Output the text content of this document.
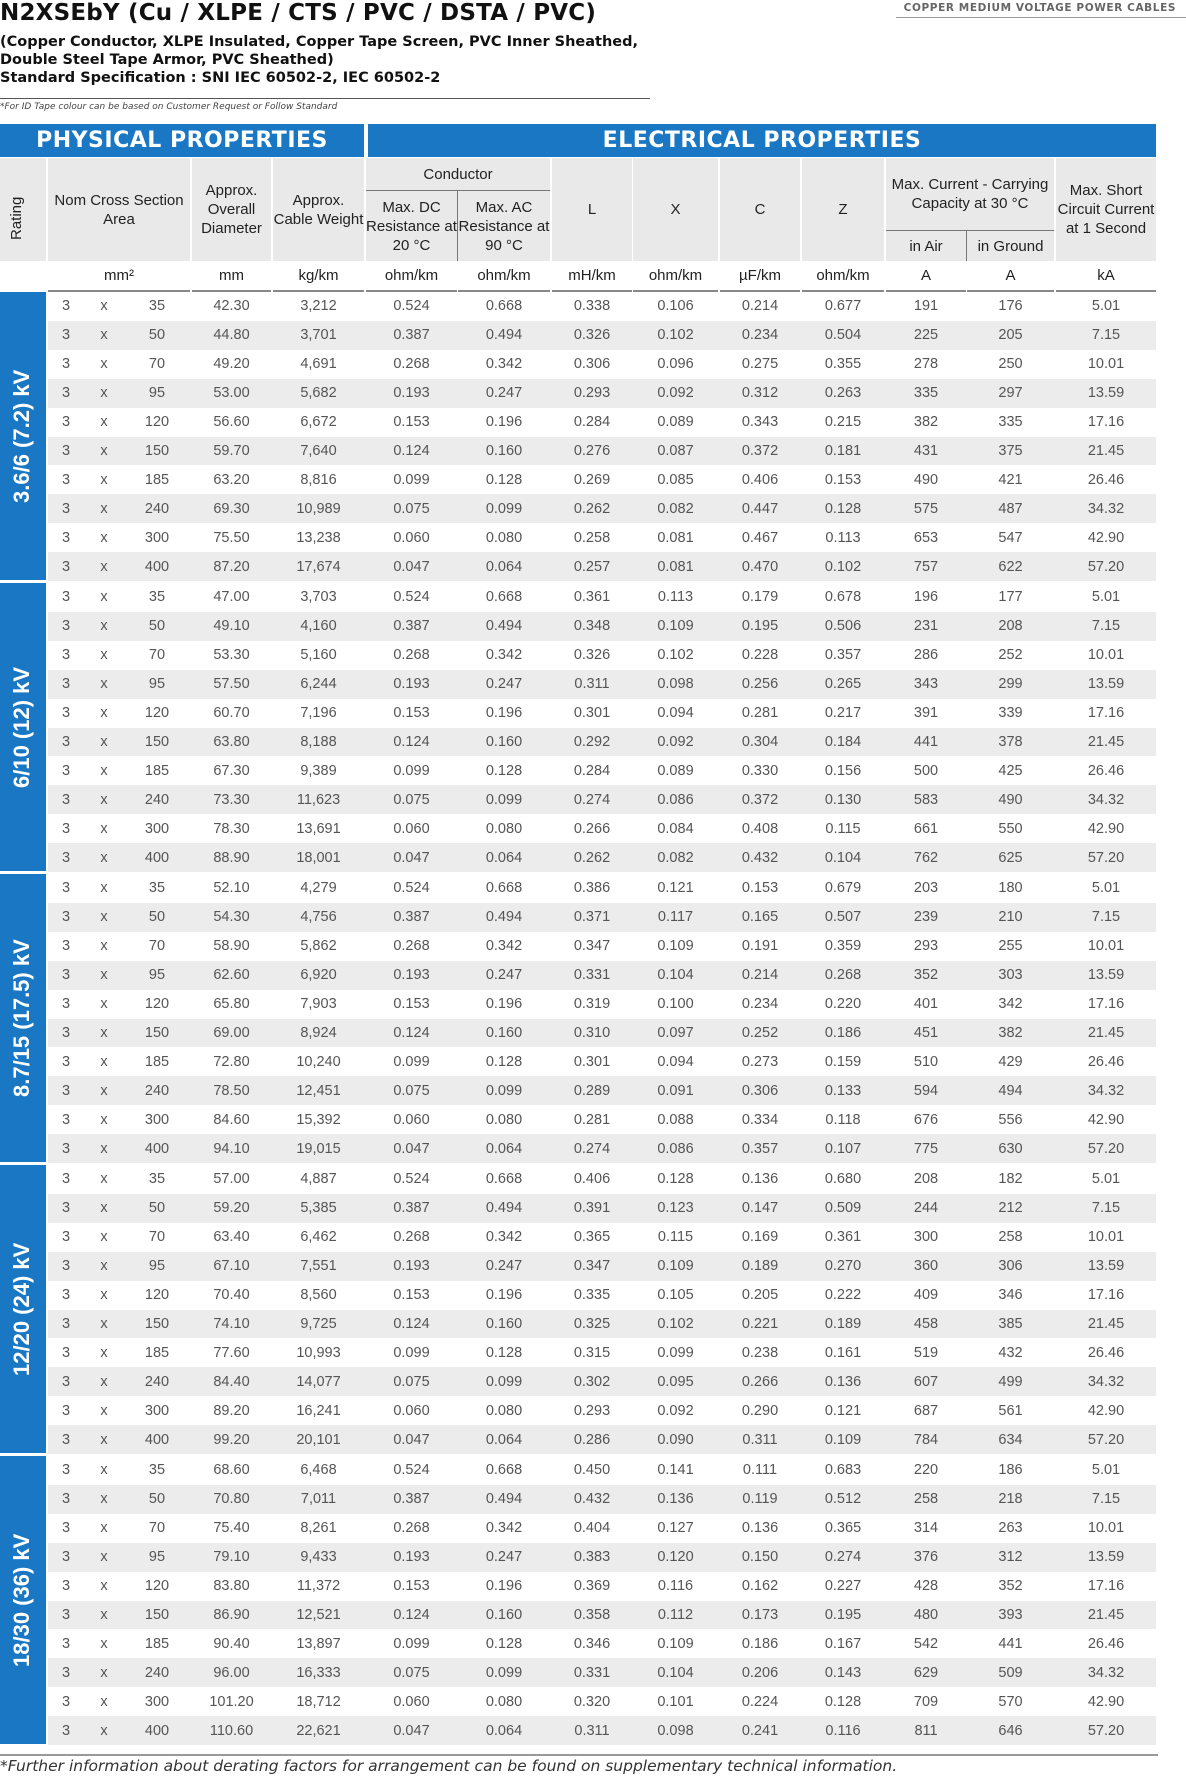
N2XSEbY (Cu / XLPE / CTS / PVC / DSTA / PVC)
(Copper Conductor, XLPE Insulated, Copper Tape Screen, PVC Inner Sheathed,
Double Steel Tape Armor, PVC Sheathed)
Standard Specification : SNI IEC 60502-2, IEC 60502-2
*For ID Tape colour can be based on Customer Request or Follow Standard
COPPER MEDIUM VOLTAGE POWER CABLES
PHYSICAL PROPERTIES	ELECTRICAL PROPERTIES
Rating	Nom Cross Section Area
Approx. Overall Diameter
Approx. Cable Weight
Conductor
Max. DC Resistance at 20 °C
Max. AC Resistance at 90 °C
L	X	C	Z
Max. Current - Carrying Capacity at 30 °C
in Air	in Ground
Max. Short Circuit Current at 1 Second
mm²	mm	kg/km	ohm/km	ohm/km	mH/km	ohm/km	µF/km	ohm/km	A	A	kA
3.6/6 (7.2) kV
3	x	35	42.30	3,212	0.524	0.668	0.338	0.106	0.214	0.677	191	176	5.01
3	x	50	44.80	3,701	0.387	0.494	0.326	0.102	0.234	0.504	225	205	7.15
3	x	70	49.20	4,691	0.268	0.342	0.306	0.096	0.275	0.355	278	250	10.01
3	x	95	53.00	5,682	0.193	0.247	0.293	0.092	0.312	0.263	335	297	13.59
3	x	120	56.60	6,672	0.153	0.196	0.284	0.089	0.343	0.215	382	335	17.16
3	x	150	59.70	7,640	0.124	0.160	0.276	0.087	0.372	0.181	431	375	21.45
3	x	185	63.20	8,816	0.099	0.128	0.269	0.085	0.406	0.153	490	421	26.46
3	x	240	69.30	10,989	0.075	0.099	0.262	0.082	0.447	0.128	575	487	34.32
3	x	300	75.50	13,238	0.060	0.080	0.258	0.081	0.467	0.113	653	547	42.90
3	x	400	87.20	17,674	0.047	0.064	0.257	0.081	0.470	0.102	757	622	57.20
6/10 (12) kV
3	x	35	47.00	3,703	0.524	0.668	0.361	0.113	0.179	0.678	196	177	5.01
3	x	50	49.10	4,160	0.387	0.494	0.348	0.109	0.195	0.506	231	208	7.15
3	x	70	53.30	5,160	0.268	0.342	0.326	0.102	0.228	0.357	286	252	10.01
3	x	95	57.50	6,244	0.193	0.247	0.311	0.098	0.256	0.265	343	299	13.59
3	x	120	60.70	7,196	0.153	0.196	0.301	0.094	0.281	0.217	391	339	17.16
3	x	150	63.80	8,188	0.124	0.160	0.292	0.092	0.304	0.184	441	378	21.45
3	x	185	67.30	9,389	0.099	0.128	0.284	0.089	0.330	0.156	500	425	26.46
3	x	240	73.30	11,623	0.075	0.099	0.274	0.086	0.372	0.130	583	490	34.32
3	x	300	78.30	13,691	0.060	0.080	0.266	0.084	0.408	0.115	661	550	42.90
3	x	400	88.90	18,001	0.047	0.064	0.262	0.082	0.432	0.104	762	625	57.20
8.7/15 (17.5) kV
3	x	35	52.10	4,279	0.524	0.668	0.386	0.121	0.153	0.679	203	180	5.01
3	x	50	54.30	4,756	0.387	0.494	0.371	0.117	0.165	0.507	239	210	7.15
3	x	70	58.90	5,862	0.268	0.342	0.347	0.109	0.191	0.359	293	255	10.01
3	x	95	62.60	6,920	0.193	0.247	0.331	0.104	0.214	0.268	352	303	13.59
3	x	120	65.80	7,903	0.153	0.196	0.319	0.100	0.234	0.220	401	342	17.16
3	x	150	69.00	8,924	0.124	0.160	0.310	0.097	0.252	0.186	451	382	21.45
3	x	185	72.80	10,240	0.099	0.128	0.301	0.094	0.273	0.159	510	429	26.46
3	x	240	78.50	12,451	0.075	0.099	0.289	0.091	0.306	0.133	594	494	34.32
3	x	300	84.60	15,392	0.060	0.080	0.281	0.088	0.334	0.118	676	556	42.90
3	x	400	94.10	19,015	0.047	0.064	0.274	0.086	0.357	0.107	775	630	57.20
12/20 (24) kV
3	x	35	57.00	4,887	0.524	0.668	0.406	0.128	0.136	0.680	208	182	5.01
3	x	50	59.20	5,385	0.387	0.494	0.391	0.123	0.147	0.509	244	212	7.15
3	x	70	63.40	6,462	0.268	0.342	0.365	0.115	0.169	0.361	300	258	10.01
3	x	95	67.10	7,551	0.193	0.247	0.347	0.109	0.189	0.270	360	306	13.59
3	x	120	70.40	8,560	0.153	0.196	0.335	0.105	0.205	0.222	409	346	17.16
3	x	150	74.10	9,725	0.124	0.160	0.325	0.102	0.221	0.189	458	385	21.45
3	x	185	77.60	10,993	0.099	0.128	0.315	0.099	0.238	0.161	519	432	26.46
3	x	240	84.40	14,077	0.075	0.099	0.302	0.095	0.266	0.136	607	499	34.32
3	x	300	89.20	16,241	0.060	0.080	0.293	0.092	0.290	0.121	687	561	42.90
3	x	400	99.20	20,101	0.047	0.064	0.286	0.090	0.311	0.109	784	634	57.20
18/30 (36) kV
3	x	35	68.60	6,468	0.524	0.668	0.450	0.141	0.111	0.683	220	186	5.01
3	x	50	70.80	7,011	0.387	0.494	0.432	0.136	0.119	0.512	258	218	7.15
3	x	70	75.40	8,261	0.268	0.342	0.404	0.127	0.136	0.365	314	263	10.01
3	x	95	79.10	9,433	0.193	0.247	0.383	0.120	0.150	0.274	376	312	13.59
3	x	120	83.80	11,372	0.153	0.196	0.369	0.116	0.162	0.227	428	352	17.16
3	x	150	86.90	12,521	0.124	0.160	0.358	0.112	0.173	0.195	480	393	21.45
3	x	185	90.40	13,897	0.099	0.128	0.346	0.109	0.186	0.167	542	441	26.46
3	x	240	96.00	16,333	0.075	0.099	0.331	0.104	0.206	0.143	629	509	34.32
3	x	300	101.20	18,712	0.060	0.080	0.320	0.101	0.224	0.128	709	570	42.90
3	x	400	110.60	22,621	0.047	0.064	0.311	0.098	0.241	0.116	811	646	57.20
*Further information about derating factors for arrangement can be found on supplementary technical information.
